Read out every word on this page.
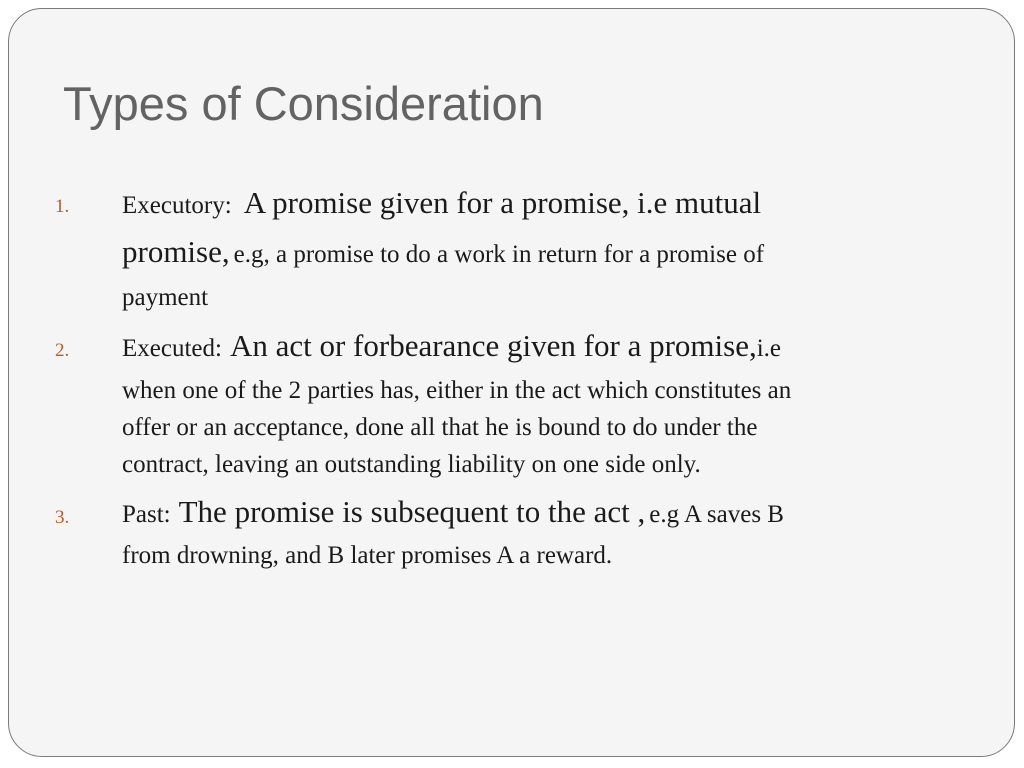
Types of Consideration
1. Executory: A promise given for a promise, i.e mutual
promise, e.g, a promise to do a work in return for a promise of
payment
2. Executed: An act or forbearance given for a promise,i.e
when one of the 2 parties has, either in the act which constitutes an
offer or an acceptance, done all that he is bound to do under the
contract, leaving an outstanding liability on one side only.
3. Past: The promise is subsequent to the act , e.g A saves B
from drowning, and B later promises A a reward.
